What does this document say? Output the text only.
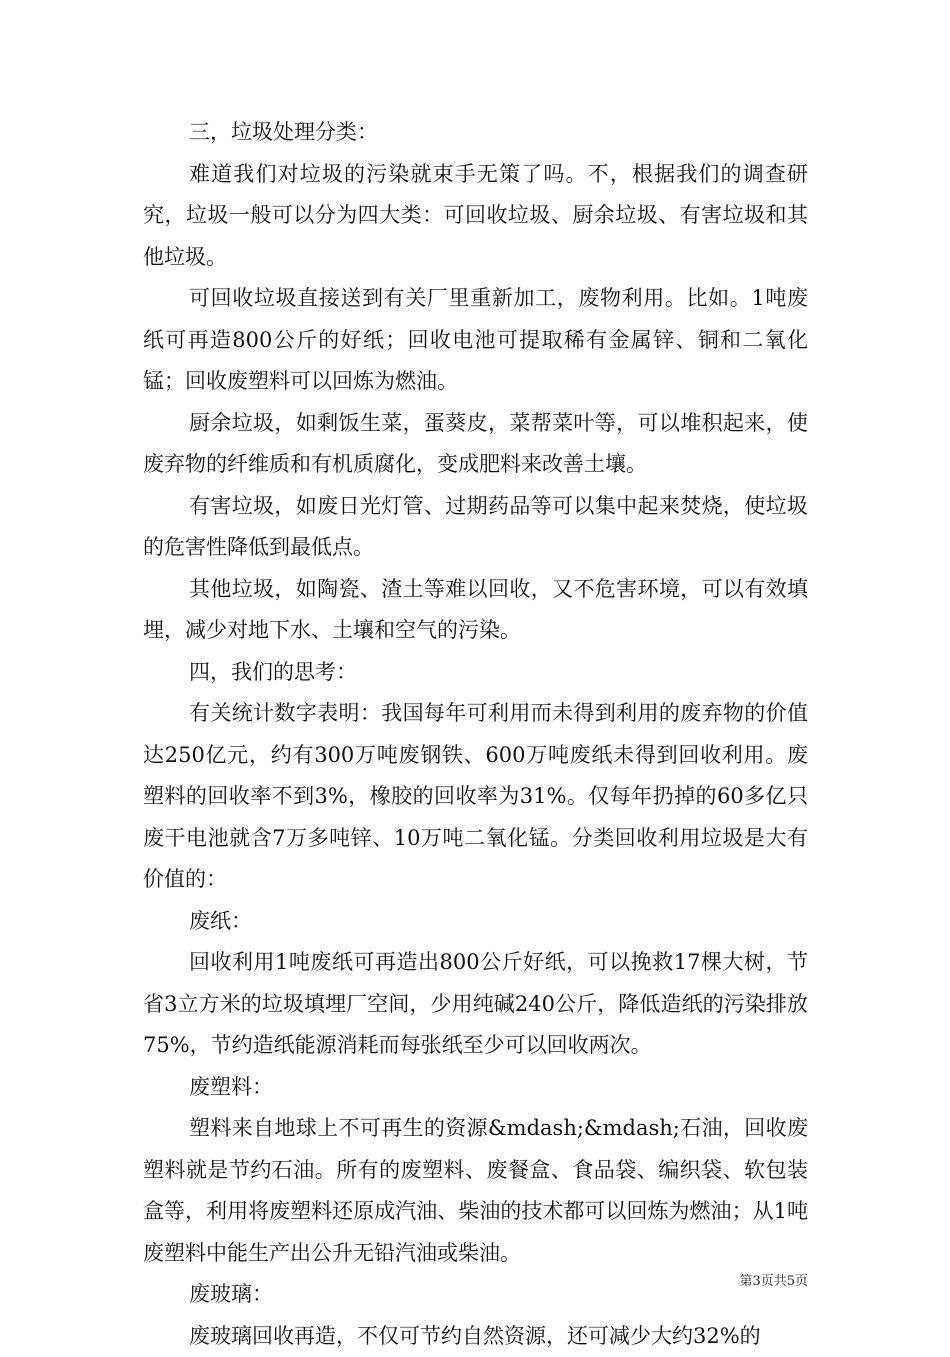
三，垃圾处理分类：

难道我们对垃圾的污染就束手无策了吗。不，根据我们的调查研究，垃圾一般可以分为四大类：可回收垃圾、厨余垃圾、有害垃圾和其他垃圾。

可回收垃圾直接送到有关厂里重新加工，废物利用。比如。1吨废纸可再造800公斤的好纸；回收电池可提取稀有金属锌、铜和二氧化锰；回收废塑料可以回炼为燃油。

厨余垃圾，如剩饭生菜，蛋葵皮，菜帮菜叶等，可以堆积起来，使废弃物的纤维质和有机质腐化，变成肥料来改善土壤。

有害垃圾，如废日光灯管、过期药品等可以集中起来焚烧，使垃圾的危害性降低到最低点。

其他垃圾，如陶瓷、渣土等难以回收，又不危害环境，可以有效填埋，减少对地下水、土壤和空气的污染。

四，我们的思考：

有关统计数字表明：我国每年可利用而未得到利用的废弃物的价值达250亿元，约有300万吨废钢铁、600万吨废纸未得到回收利用。废塑料的回收率不到3%，橡胶的回收率为31%。仅每年扔掉的60多亿只废干电池就含7万多吨锌、10万吨二氧化锰。分类回收利用垃圾是大有价值的：

废纸：

回收利用1吨废纸可再造出800公斤好纸，可以挽救17棵大树，节省3立方米的垃圾填埋厂空间，少用纯碱240公斤，降低造纸的污染排放75%，节约造纸能源消耗而每张纸至少可以回收两次。

废塑料：

塑料来自地球上不可再生的资源&mdash;&mdash;石油，回收废塑料就是节约石油。所有的废塑料、废餐盒、食品袋、编织袋、软包装盒等，利用将废塑料还原成汽油、柴油的技术都可以回炼为燃油；从1吨废塑料中能生产出公升无铅汽油或柴油。

废玻璃：

废玻璃回收再造，不仅可节约自然资源，还可减少大约32%的

第3页共5页
